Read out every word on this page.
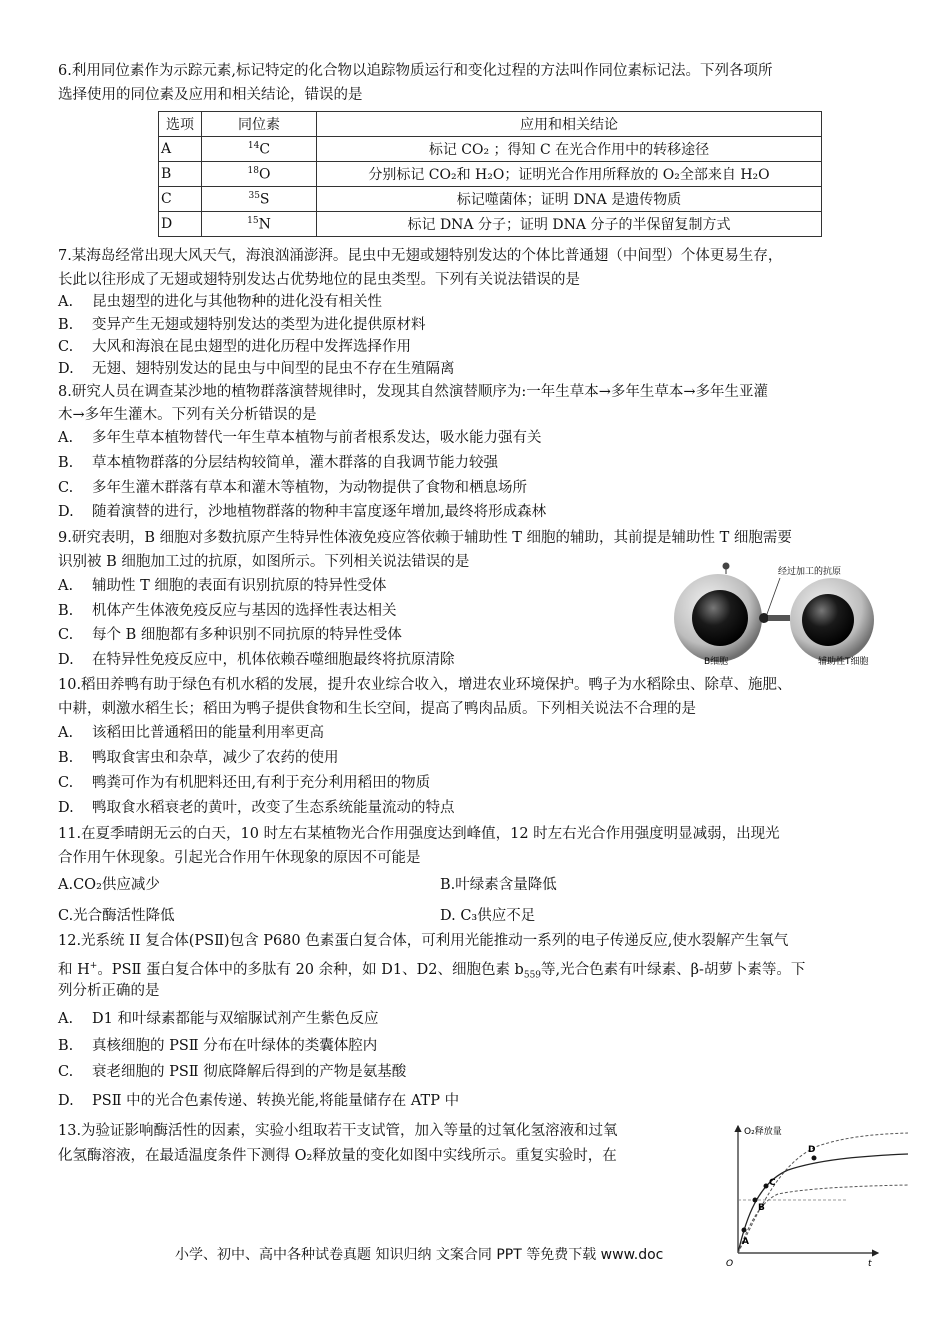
6.利用同位素作为示踪元素,标记特定的化合物以追踪物质运行和变化过程的方法叫作同位素标记法。下列各项所
选择使用的同位素及应用和相关结论，错误的是
选项	同位素	应用和相关结论
A	$^{14}$C	标记 CO₂ ；得知 C 在光合作用中的转移途径
B	$^{18}$O	分别标记 CO₂和 H₂O；证明光合作用所释放的 O₂全部来自 H₂O
C	$^{35}$S	标记噬菌体；证明 DNA 是遗传物质
D	$^{15}$N	标记 DNA 分子；证明 DNA 分子的半保留复制方式
7.某海岛经常出现大风天气，海浪汹涌澎湃。昆虫中无翅或翅特别发达的个体比普通翅（中间型）个体更易生存，
长此以往形成了无翅或翅特别发达占优势地位的昆虫类型。下列有关说法错误的是
A. 昆虫翅型的进化与其他物种的进化没有相关性
B. 变异产生无翅或翅特别发达的类型为进化提供原材料
C. 大风和海浪在昆虫翅型的进化历程中发挥选择作用
D. 无翅、翅特别发达的昆虫与中间型的昆虫不存在生殖隔离
8.研究人员在调查某沙地的植物群落演替规律时，发现其自然演替顺序为:一年生草本→多年生草本→多年生亚灌
木→多年生灌木。下列有关分析错误的是
A. 多年生草本植物替代一年生草本植物与前者根系发达，吸水能力强有关
B. 草本植物群落的分层结构较简单，灌木群落的自我调节能力较强
C. 多年生灌木群落有草本和灌木等植物，为动物提供了食物和栖息场所
D. 随着演替的进行，沙地植物群落的物种丰富度逐年增加,最终将形成森林
9.研究表明，B 细胞对多数抗原产生特异性体液免疫应答依赖于辅助性 T 细胞的辅助，其前提是辅助性 T 细胞需要
识别被 B 细胞加工过的抗原，如图所示。下列相关说法错误的是
A. 辅助性 T 细胞的表面有识别抗原的特异性受体
B. 机体产生体液免疫反应与基因的选择性表达相关
C. 每个 B 细胞都有多种识别不同抗原的特异性受体
D. 在特异性免疫反应中，机体依赖吞噬细胞最终将抗原清除
经过加工的抗原
B细胞	辅助性T细胞
10.稻田养鸭有助于绿色有机水稻的发展，提升农业综合收入，增进农业环境保护。鸭子为水稻除虫、除草、施肥、
中耕，刺激水稻生长；稻田为鸭子提供食物和生长空间，提高了鸭肉品质。下列相关说法不合理的是
A. 该稻田比普通稻田的能量利用率更高
B. 鸭取食害虫和杂草，减少了农药的使用
C. 鸭粪可作为有机肥料还田,有利于充分利用稻田的物质
D. 鸭取食水稻衰老的黄叶，改变了生态系统能量流动的特点
11.在夏季晴朗无云的白天，10 时左右某植物光合作用强度达到峰值，12 时左右光合作用强度明显减弱，出现光
合作用午休现象。引起光合作用午休现象的原因不可能是
A.CO₂供应减少	B.叶绿素含量降低
C.光合酶活性降低	D. C₃供应不足
12.光系统 II 复合体(PSⅡ)包含 P680 色素蛋白复合体，可利用光能推动一系列的电子传递反应,使水裂解产生氧气
和 H+。PSⅡ 蛋白复合体中的多肽有 20 余种，如 D1、D2、细胞色素 $b_{559}$等,光合色素有叶绿素、β-胡萝卜素等。下
列分析正确的是
A. D1 和叶绿素都能与双缩脲试剂产生紫色反应
B. 真核细胞的 PSⅡ 分布在叶绿体的类囊体腔内
C. 衰老细胞的 PSⅡ 彻底降解后得到的产物是氨基酸
D. PSⅡ 中的光合色素传递、转换光能,将能量储存在 ATP 中
13.为验证影响酶活性的因素，实验小组取若干支试管，加入等量的过氧化氢溶液和过氧
化氢酶溶液，在最适温度条件下测得 O₂释放量的变化如图中实线所示。重复实验时，在
O₂释放量
t
O
A
B
C
D
小学、初中、高中各种试卷真题 知识归纳 文案合同 PPT 等免费下载 www.doc
